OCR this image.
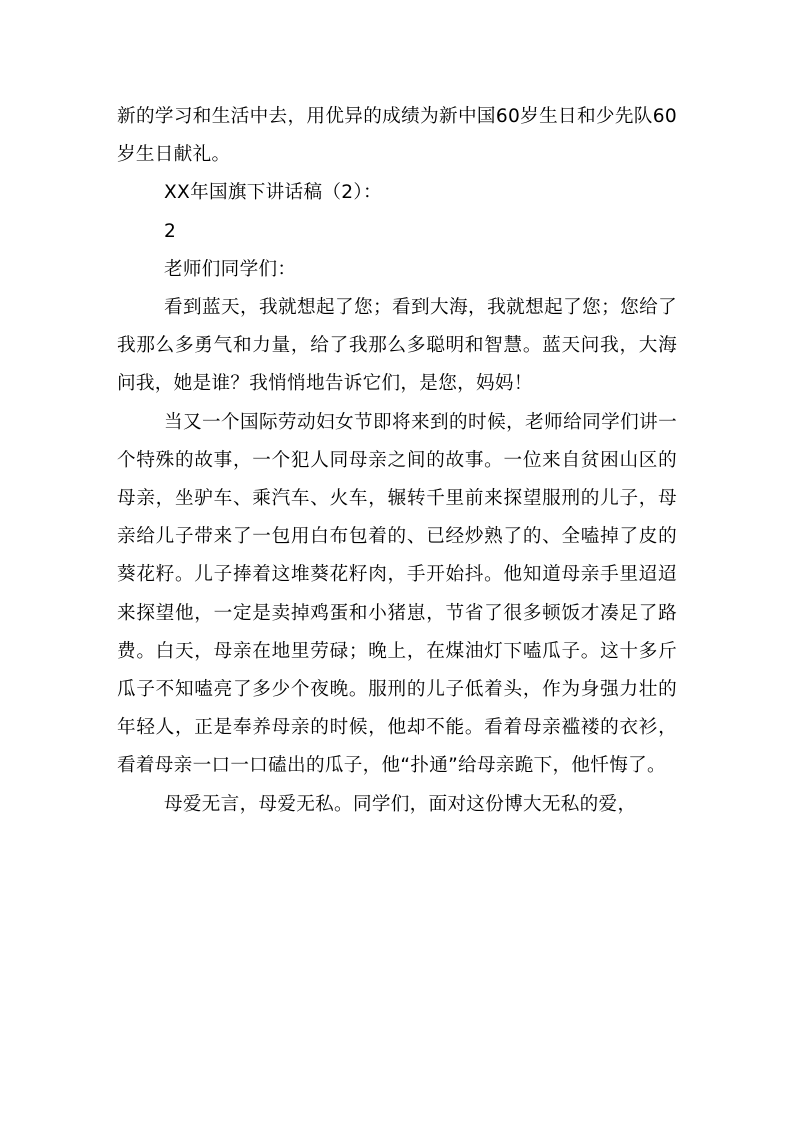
新的学习和生活中去，用优异的成绩为新中国60岁生日和少先队60岁生日献礼。

XX年国旗下讲话稿（2）：

2

老师们同学们：

看到蓝天，我就想起了您；看到大海，我就想起了您；您给了我那么多勇气和力量，给了我那么多聪明和智慧。蓝天问我，大海问我，她是谁？我悄悄地告诉它们，是您，妈妈！

当又一个国际劳动妇女节即将来到的时候，老师给同学们讲一个特殊的故事，一个犯人同母亲之间的故事。一位来自贫困山区的母亲，坐驴车、乘汽车、火车，辗转千里前来探望服刑的儿子，母亲给儿子带来了一包用白布包着的、已经炒熟了的、全嗑掉了皮的葵花籽。儿子捧着这堆葵花籽肉，手开始抖。他知道母亲手里迢迢来探望他，一定是卖掉鸡蛋和小猪崽，节省了很多顿饭才凑足了路费。白天，母亲在地里劳碌；晚上，在煤油灯下嗑瓜子。这十多斤瓜子不知嗑亮了多少个夜晚。服刑的儿子低着头，作为身强力壮的年轻人，正是奉养母亲的时候，他却不能。看着母亲褴褛的衣衫，看着母亲一口一口磕出的瓜子，他“扑通”给母亲跪下，他忏悔了。

母爱无言，母爱无私。同学们，面对这份博大无私的爱，
